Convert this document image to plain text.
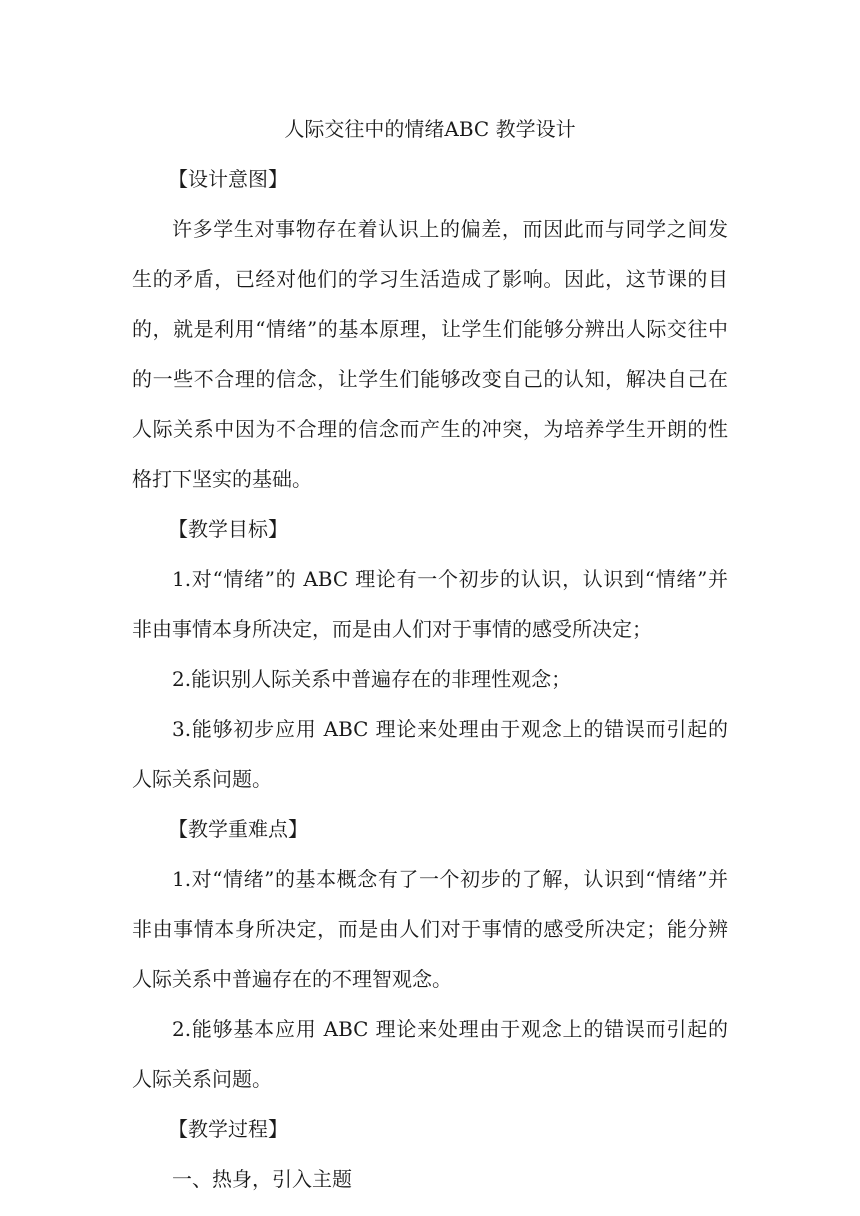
人际交往中的情绪ABC 教学设计
【设计意图】
许多学生对事物存在着认识上的偏差，而因此而与同学之间发生的矛盾，已经对他们的学习生活造成了影响。因此，这节课的目的，就是利用“情绪”的基本原理，让学生们能够分辨出人际交往中的一些不合理的信念，让学生们能够改变自己的认知，解决自己在人际关系中因为不合理的信念而产生的冲突，为培养学生开朗的性格打下坚实的基础。
【教学目标】
1.对“情绪”的 ABC 理论有一个初步的认识，认识到“情绪”并非由事情本身所决定，而是由人们对于事情的感受所决定；
2.能识别人际关系中普遍存在的非理性观念；
3.能够初步应用 ABC 理论来处理由于观念上的错误而引起的人际关系问题。
【教学重难点】
1.对“情绪”的基本概念有了一个初步的了解，认识到“情绪”并非由事情本身所决定，而是由人们对于事情的感受所决定；能分辨人际关系中普遍存在的不理智观念。
2.能够基本应用 ABC 理论来处理由于观念上的错误而引起的人际关系问题。
【教学过程】
一、热身，引入主题
